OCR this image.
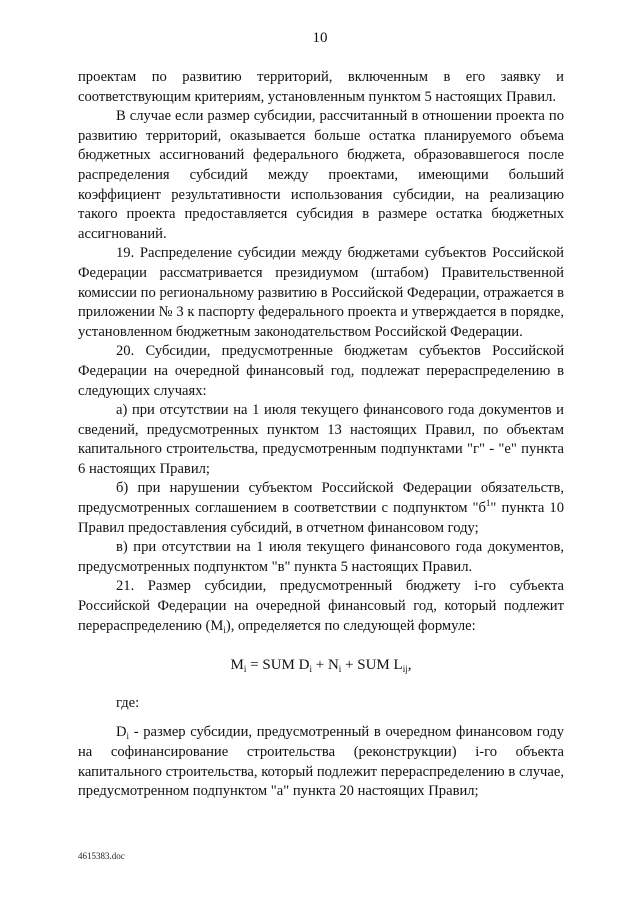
10

проектам по развитию территорий, включенным в его заявку и соответствующим критериям, установленным пунктом 5 настоящих Правил.

В случае если размер субсидии, рассчитанный в отношении проекта по развитию территорий, оказывается больше остатка планируемого объема бюджетных ассигнований федерального бюджета, образовавшегося после распределения субсидий между проектами, имеющими больший коэффициент результативности использования субсидии, на реализацию такого проекта предоставляется субсидия в размере остатка бюджетных ассигнований.

19. Распределение субсидии между бюджетами субъектов Российской Федерации рассматривается президиумом (штабом) Правительственной комиссии по региональному развитию в Российской Федерации, отражается в приложении № 3 к паспорту федерального проекта и утверждается в порядке, установленном бюджетным законодательством Российской Федерации.

20. Субсидии, предусмотренные бюджетам субъектов Российской Федерации на очередной финансовый год, подлежат перераспределению в следующих случаях:

а) при отсутствии на 1 июля текущего финансового года документов и сведений, предусмотренных пунктом 13 настоящих Правил, по объектам капитального строительства, предусмотренным подпунктами "г" - "е" пункта 6 настоящих Правил;

б) при нарушении субъектом Российской Федерации обязательств, предусмотренных соглашением в соответствии с подпунктом "$б^1$" пункта 10 Правил предоставления субсидий, в отчетном финансовом году;

в) при отсутствии на 1 июля текущего финансового года документов, предусмотренных подпунктом "в" пункта 5 настоящих Правил.

21. Размер субсидии, предусмотренный бюджету i-го субъекта Российской Федерации на очередной финансовый год, который подлежит перераспределению $(M_i)$, определяется по следующей формуле:

$M_i$ = SUM $D_i + N_i$ + SUM $L_{ij}$,

где:

$D_i$ - размер субсидии, предусмотренный в очередном финансовом году на софинансирование строительства (реконструкции) i-го объекта капитального строительства, который подлежит перераспределению в случае, предусмотренном подпунктом "а" пункта 20 настоящих Правил;

4615383.doc
